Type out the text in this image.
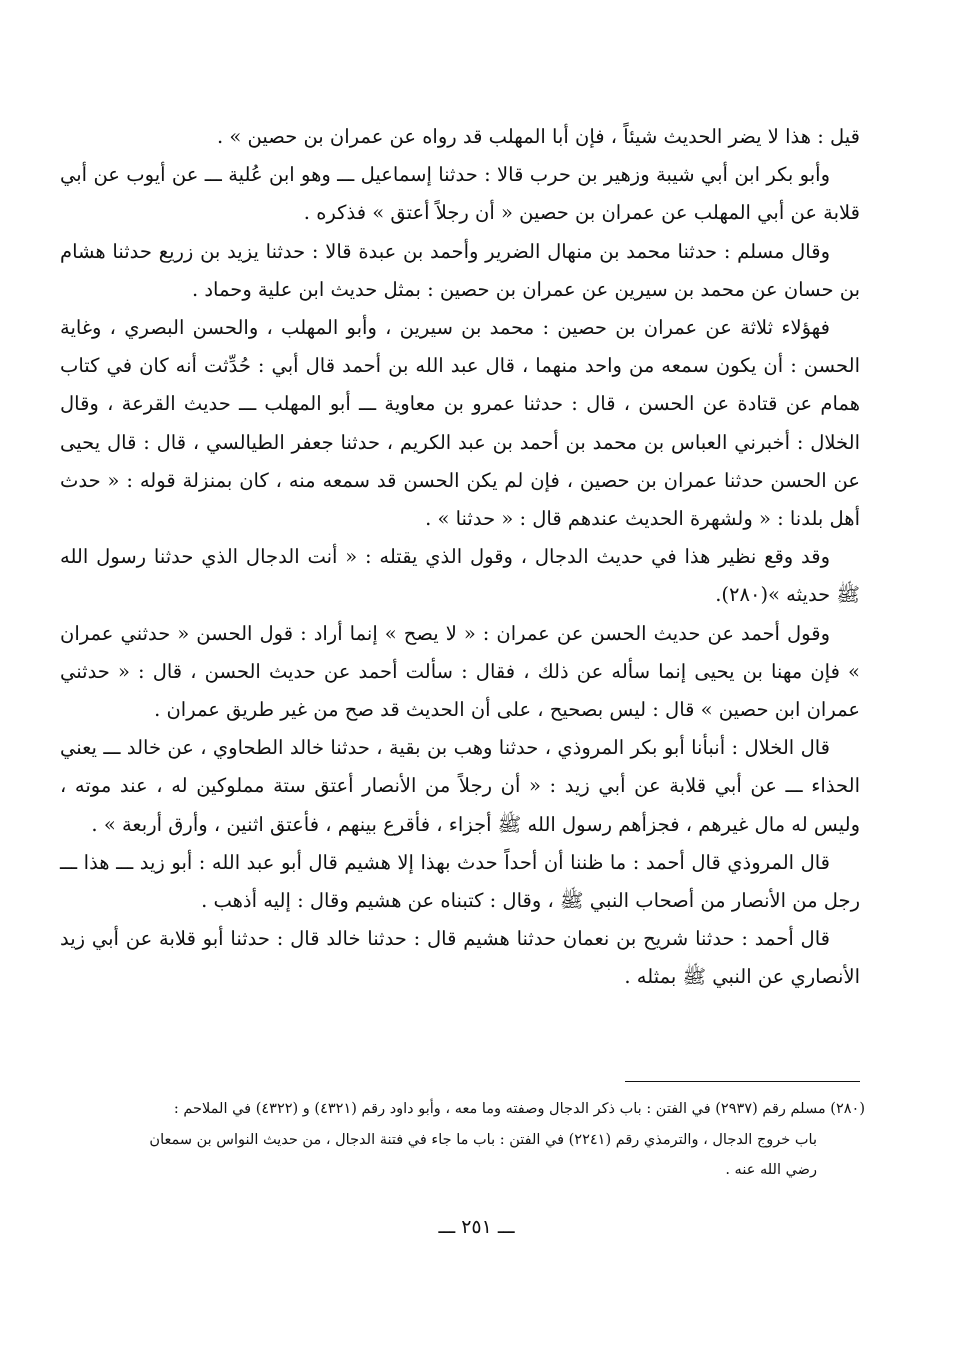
قيل : هذا لا يضر الحديث شيئاً ، فإن أبا المهلب قد رواه عن عمران بن حصين » .

وأبو بكر ابن أبي شيبة وزهير بن حرب قالا : حدثنا إسماعيل ـــ وهو ابن عُلية ـــ عن أيوب عن أبي قلابة عن أبي المهلب عن عمران بن حصين « أن رجلاً أعتق » فذكره .

وقال مسلم : حدثنا محمد بن منهال الضرير وأحمد بن عبدة قالا : حدثنا يزيد بن زريع حدثنا هشام بن حسان عن محمد بن سيرين عن عمران بن حصين : بمثل حديث ابن علية وحماد .

فهؤلاء ثلاثة عن عمران بن حصين : محمد بن سيرين ، وأبو المهلب ، والحسن البصري ، وغاية الحسن : أن يكون سمعه من واحد منهما ، قال عبد الله بن أحمد قال أبي : حُدِّثت أنه كان في كتاب همام عن قتادة عن الحسن ، قال : حدثنا عمرو بن معاوية ـــ أبو المهلب ـــ حديث القرعة ، وقال الخلال : أخبرني العباس بن محمد بن أحمد بن عبد الكريم ، حدثنا جعفر الطيالسي ، قال : قال يحيى عن الحسن حدثنا عمران بن حصين ، فإن لم يكن الحسن قد سمعه منه ، كان بمنزلة قوله : « حدث أهل بلدنا : « ولشهرة الحديث عندهم قال : « حدثنا » .

وقد وقع نظير هذا في حديث الدجال ، وقول الذي يقتله : « أنت الدجال الذي حدثنا رسول الله ﷺ حديثه »(٢٨٠).

وقول أحمد عن حديث الحسن عن عمران : « لا يصح » إنما أراد : قول الحسن « حدثني عمران » فإن مهنا بن يحيى إنما سأله عن ذلك ، فقال : سألت أحمد عن حديث الحسن ، قال : « حدثني عمران ابن حصين » قال : ليس بصحيح ، على أن الحديث قد صح من غير طريق عمران .

قال الخلال : أنبأنا أبو بكر المروذي ، حدثنا وهب بن بقية ، حدثنا خالد الطحاوي ، عن خالد ـــ يعني الحذاء ـــ عن أبي قلابة عن أبي زيد : « أن رجلاً من الأنصار أعتق ستة مملوكين له ، عند موته ، وليس له مال غيرهم ، فجزأهم رسول الله ﷺ أجزاء ، فأقرع بينهم ، فأعتق اثنين ، وأرق أربعة » .

قال المروذي قال أحمد : ما ظننا أن أحداً حدث بهذا إلا هشيم قال أبو عبد الله : أبو زيد ـــ هذا ـــ رجل من الأنصار من أصحاب النبي ﷺ ، وقال : كتبناه عن هشيم وقال : إليه أذهب .

قال أحمد : حدثنا شريح بن نعمان حدثنا هشيم قال : حدثنا خالد قال : حدثنا أبو قلابة عن أبي زيد الأنصاري عن النبي ﷺ بمثله .

(٢٨٠) مسلم رقم (٢٩٣٧) في الفتن : باب ذكر الدجال وصفته وما معه ، وأبو داود رقم (٤٣٢١) و (٤٣٢٢) في الملاحم :

باب خروج الدجال ، والترمذي رقم (٢٢٤١) في الفتن : باب ما جاء في فتنة الدجال ، من حديث النواس بن سمعان

رضي الله عنه .

ـــ ٢٥١ ـــ
